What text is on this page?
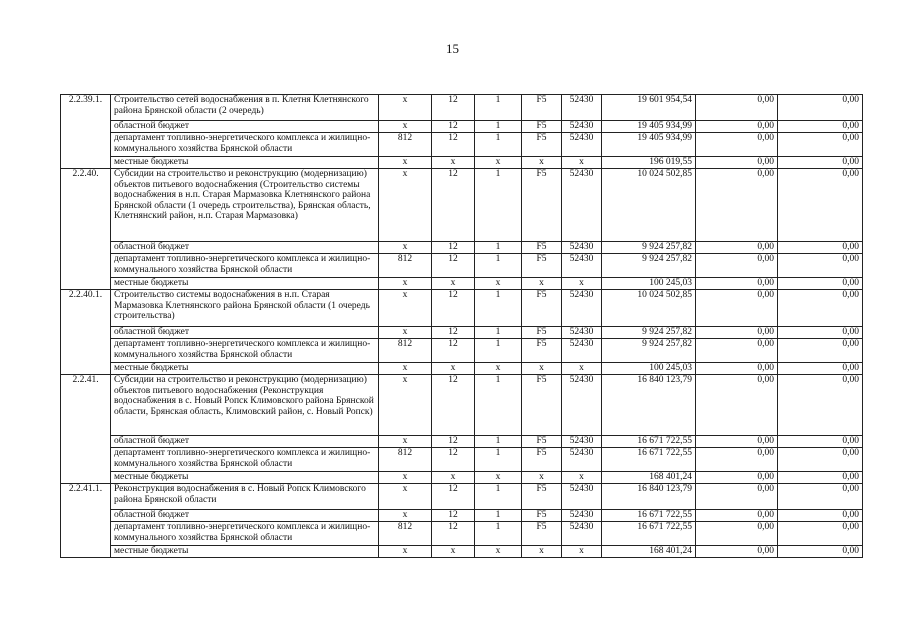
15
2.2.39.1.	Строительство сетей водоснабжения в п. Клетня Клетнянского района Брянской области (2 очередь)	x	12	1	F5	52430	19 601 954,54	0,00	0,00
	областной бюджет	x	12	1	F5	52430	19 405 934,99	0,00	0,00
	департамент топливно-энергетического комплекса и жилищно-коммунального хозяйства Брянской области	812	12	1	F5	52430	19 405 934,99	0,00	0,00
	местные бюджеты	x	x	x	x	x	196 019,55	0,00	0,00
2.2.40.	Субсидии на строительство и реконструкцию (модернизацию) объектов питьевого водоснабжения (Строительство системы водоснабжения в н.п. Старая Мармазовка Клетнянского района Брянской области (1 очередь строительства), Брянская область, Клетнянский район, н.п. Старая Мармазовка)	x	12	1	F5	52430	10 024 502,85	0,00	0,00
	областной бюджет	x	12	1	F5	52430	9 924 257,82	0,00	0,00
	департамент топливно-энергетического комплекса и жилищно-коммунального хозяйства Брянской области	812	12	1	F5	52430	9 924 257,82	0,00	0,00
	местные бюджеты	x	x	x	x	x	100 245,03	0,00	0,00
2.2.40.1.	Строительство системы водоснабжения в н.п. Старая Мармазовка Клетнянского района Брянской области (1 очередь строительства)	x	12	1	F5	52430	10 024 502,85	0,00	0,00
	областной бюджет	x	12	1	F5	52430	9 924 257,82	0,00	0,00
	департамент топливно-энергетического комплекса и жилищно-коммунального хозяйства Брянской области	812	12	1	F5	52430	9 924 257,82	0,00	0,00
	местные бюджеты	x	x	x	x	x	100 245,03	0,00	0,00
2.2.41.	Субсидии на строительство и реконструкцию (модернизацию) объектов питьевого водоснабжения (Реконструкция водоснабжения в с. Новый Ропск Климовского района Брянской области, Брянская область, Климовский район, с. Новый Ропск)	x	12	1	F5	52430	16 840 123,79	0,00	0,00
	областной бюджет	x	12	1	F5	52430	16 671 722,55	0,00	0,00
	департамент топливно-энергетического комплекса и жилищно-коммунального хозяйства Брянской области	812	12	1	F5	52430	16 671 722,55	0,00	0,00
	местные бюджеты	x	x	x	x	x	168 401,24	0,00	0,00
2.2.41.1.	Реконструкция водоснабжения в с. Новый Ропск Климовского района Брянской области	x	12	1	F5	52430	16 840 123,79	0,00	0,00
	областной бюджет	x	12	1	F5	52430	16 671 722,55	0,00	0,00
	департамент топливно-энергетического комплекса и жилищно-коммунального хозяйства Брянской области	812	12	1	F5	52430	16 671 722,55	0,00	0,00
	местные бюджеты	x	x	x	x	x	168 401,24	0,00	0,00
